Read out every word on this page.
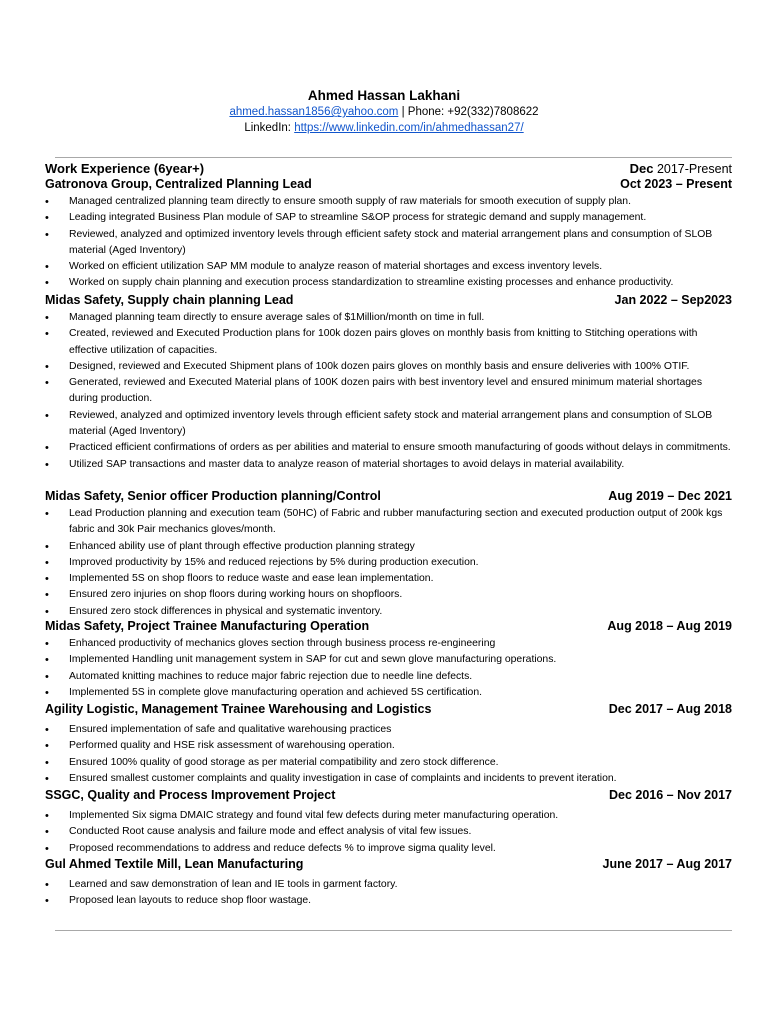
Ahmed Hassan Lakhani
ahmed.hassan1856@yahoo.com | Phone: +92(332)7808622
LinkedIn: https://www.linkedin.com/in/ahmedhassan27/
Work Experience (6year+)	Dec 2017-Present
Gatronova Group, Centralized Planning Lead	Oct 2023 – Present
• Managed centralized planning team directly to ensure smooth supply of raw materials for smooth execution of supply plan.
• Leading integrated Business Plan module of SAP to streamline S&OP process for strategic demand and supply management.
• Reviewed, analyzed and optimized inventory levels through efficient safety stock and material arrangement plans and consumption of SLOB material (Aged Inventory)
• Worked on efficient utilization SAP MM module to analyze reason of material shortages and excess inventory levels.
• Worked on supply chain planning and execution process standardization to streamline existing processes and enhance productivity.
Midas Safety, Supply chain planning Lead	Jan 2022 – Sep2023
• Managed planning team directly to ensure average sales of $1Million/month on time in full.
• Created, reviewed and Executed Production plans for 100k dozen pairs gloves on monthly basis from knitting to Stitching operations with effective utilization of capacities.
• Designed, reviewed and Executed Shipment plans of 100k dozen pairs gloves on monthly basis and ensure deliveries with 100% OTIF.
• Generated, reviewed and Executed Material plans of 100K dozen pairs with best inventory level and ensured minimum material shortages during production.
• Reviewed, analyzed and optimized inventory levels through efficient safety stock and material arrangement plans and consumption of SLOB material (Aged Inventory)
• Practiced efficient confirmations of orders as per abilities and material to ensure smooth manufacturing of goods without delays in commitments.
• Utilized SAP transactions and master data to analyze reason of material shortages to avoid delays in material availability.
Midas Safety, Senior officer Production planning/Control	Aug 2019 – Dec 2021
• Lead Production planning and execution team (50HC) of Fabric and rubber manufacturing section and executed production output of 200k kgs fabric and 30k Pair mechanics gloves/month.
• Enhanced ability use of plant through effective production planning strategy
• Improved productivity by 15% and reduced rejections by 5% during production execution.
• Implemented 5S on shop floors to reduce waste and ease lean implementation.
• Ensured zero injuries on shop floors during working hours on shopfloors.
• Ensured zero stock differences in physical and systematic inventory.
Midas Safety, Project Trainee Manufacturing Operation	Aug 2018 – Aug 2019
• Enhanced productivity of mechanics gloves section through business process re-engineering
• Implemented Handling unit management system in SAP for cut and sewn glove manufacturing operations.
• Automated knitting machines to reduce major fabric rejection due to needle line defects.
• Implemented 5S in complete glove manufacturing operation and achieved 5S certification.
Agility Logistic, Management Trainee Warehousing and Logistics	Dec 2017 – Aug 2018
• Ensured implementation of safe and qualitative warehousing practices
• Performed quality and HSE risk assessment of warehousing operation.
• Ensured 100% quality of good storage as per material compatibility and zero stock difference.
• Ensured smallest customer complaints and quality investigation in case of complaints and incidents to prevent iteration.
SSGC, Quality and Process Improvement Project	Dec 2016 – Nov 2017
• Implemented Six sigma DMAIC strategy and found vital few defects during meter manufacturing operation.
• Conducted Root cause analysis and failure mode and effect analysis of vital few issues.
• Proposed recommendations to address and reduce defects % to improve sigma quality level.
Gul Ahmed Textile Mill, Lean Manufacturing	June 2017 – Aug 2017
• Learned and saw demonstration of lean and IE tools in garment factory.
• Proposed lean layouts to reduce shop floor wastage.
